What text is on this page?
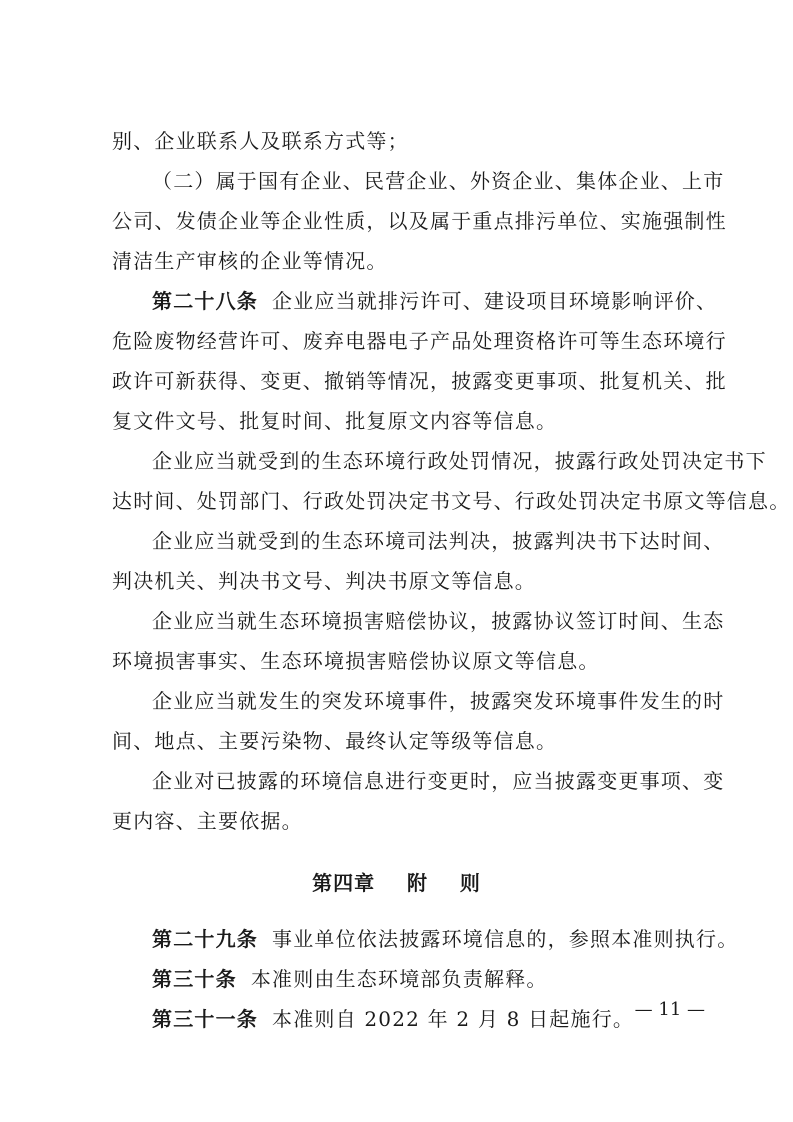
别、企业联系人及联系方式等；
（二）属于国有企业、民营企业、外资企业、集体企业、上市
公司、发债企业等企业性质，以及属于重点排污单位、实施强制性
清洁生产审核的企业等情况。
第二十八条 企业应当就排污许可、建设项目环境影响评价、
危险废物经营许可、废弃电器电子产品处理资格许可等生态环境行
政许可新获得、变更、撤销等情况，披露变更事项、批复机关、批
复文件文号、批复时间、批复原文内容等信息。
企业应当就受到的生态环境行政处罚情况，披露行政处罚决定书下
达时间、处罚部门、行政处罚决定书文号、行政处罚决定书原文等信息。
企业应当就受到的生态环境司法判决，披露判决书下达时间、
判决机关、判决书文号、判决书原文等信息。
企业应当就生态环境损害赔偿协议，披露协议签订时间、生态
环境损害事实、生态环境损害赔偿协议原文等信息。
企业应当就发生的突发环境事件，披露突发环境事件发生的时
间、地点、主要污染物、最终认定等级等信息。
企业对已披露的环境信息进行变更时，应当披露变更事项、变
更内容、主要依据。
第四章    附    则
第二十九条 事业单位依法披露环境信息的，参照本准则执行。
第三十条 本准则由生态环境部负责解释。
第三十一条 本准则自 2022 年 2 月 8 日起施行。 — 11 —
